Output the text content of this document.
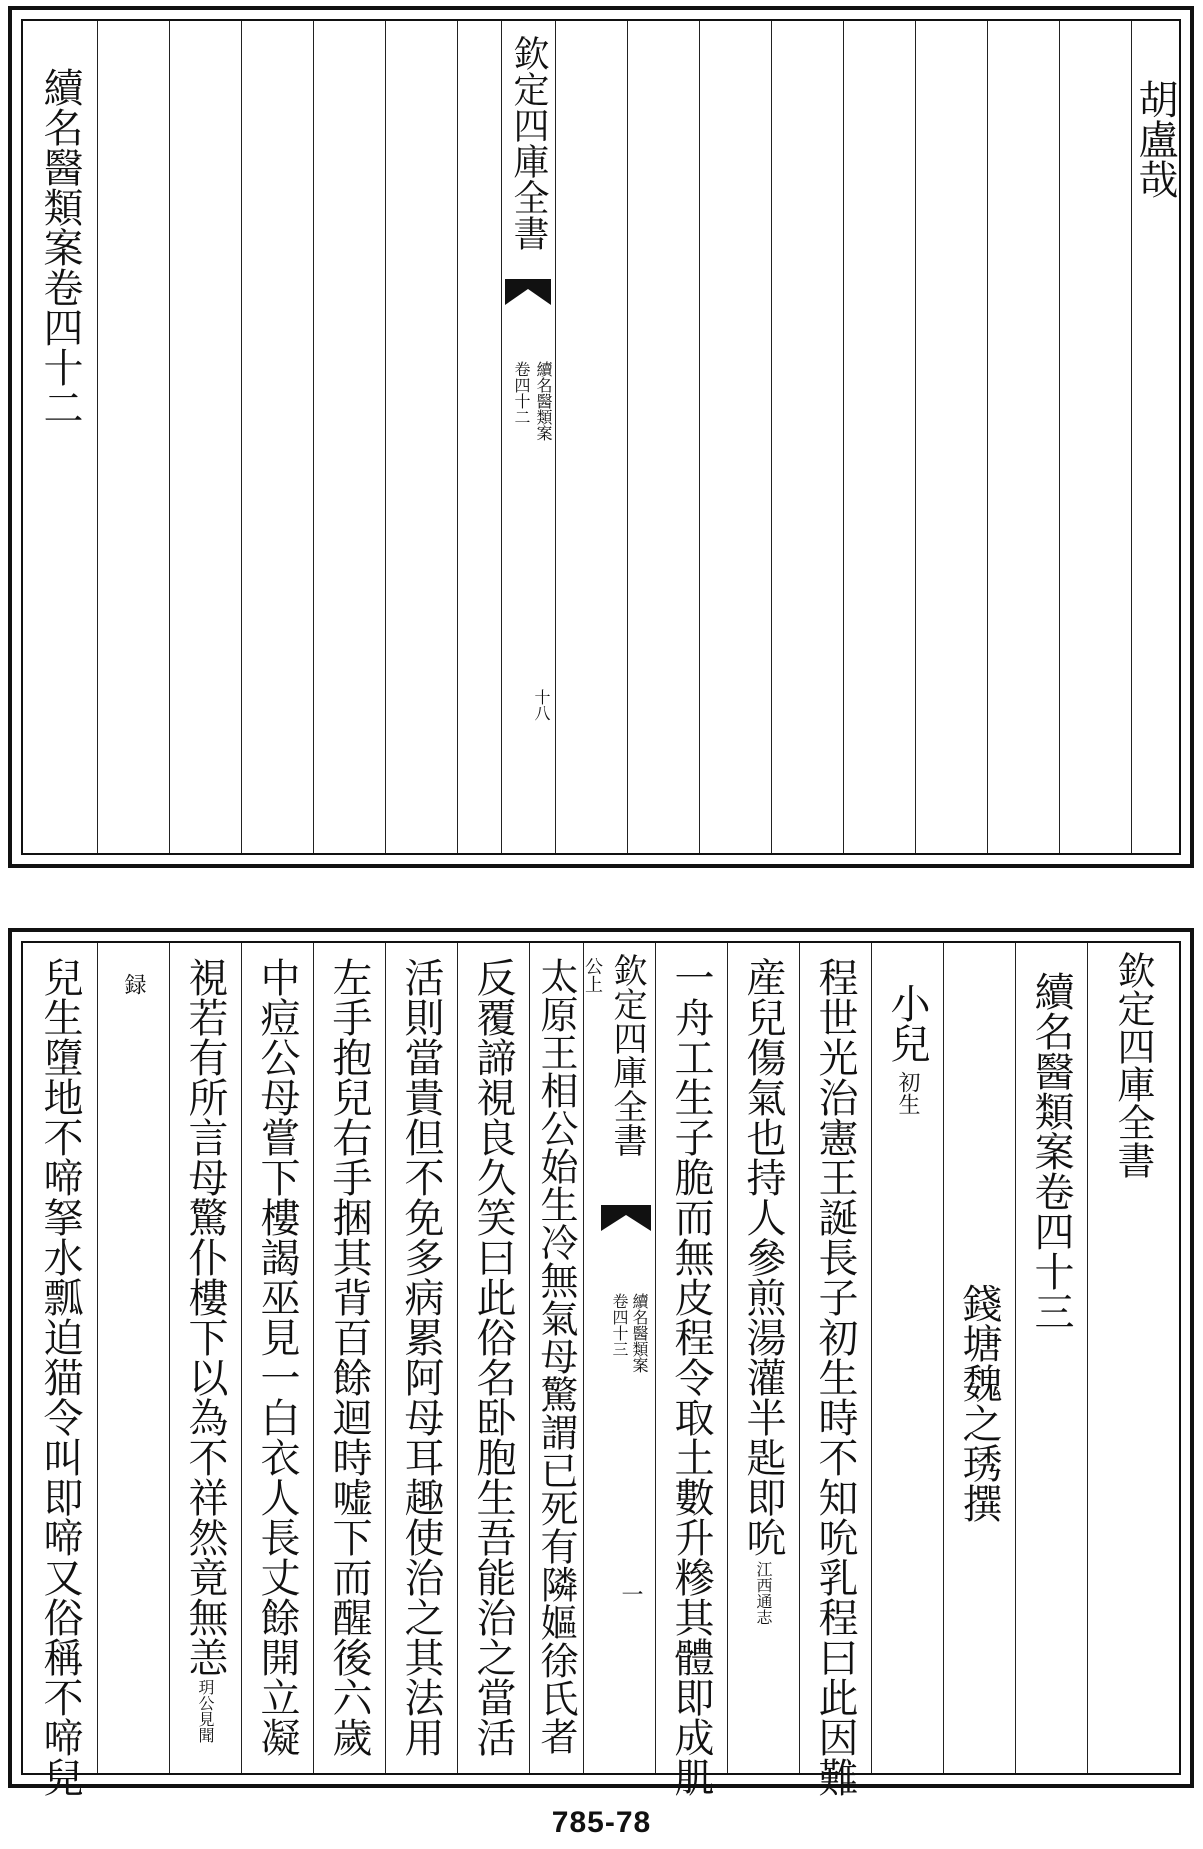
續名醫類案卷四十二	欽定四庫全書
續名醫類案
卷四十二
十八
胡盧哉
兒生墮地不啼拏水瓢迫猫令叫即啼又俗稱不啼兒 録 視若有所言母驚仆樓下以為不祥然竟無恙
玥公見聞 中痘公母嘗下樓謁巫見一白衣人長丈餘開立凝 左手抱兒右手捆其背百餘迴時嘘下而醒後六歲 活則當貴但不免多病累阿母耳趣使治之其法用 反覆諦視良久笑曰此俗名卧胞生吾能治之當活 太原王相公始生冷無氣母驚謂已死有隣嫗徐氏者 公上 欽定四庫全書
續名醫類案
卷四十三
一 一舟工生子脆而無皮程令取土數升糝其體即成肌 産兒傷氣也持人參煎湯灌半匙即吮
江西通志 程世光治憲王誕長子初生時不知吮乳程曰此因難 小兒
初生
錢塘魏之琇撰
續名醫類案卷四十三 欽定四庫全書
785-78
